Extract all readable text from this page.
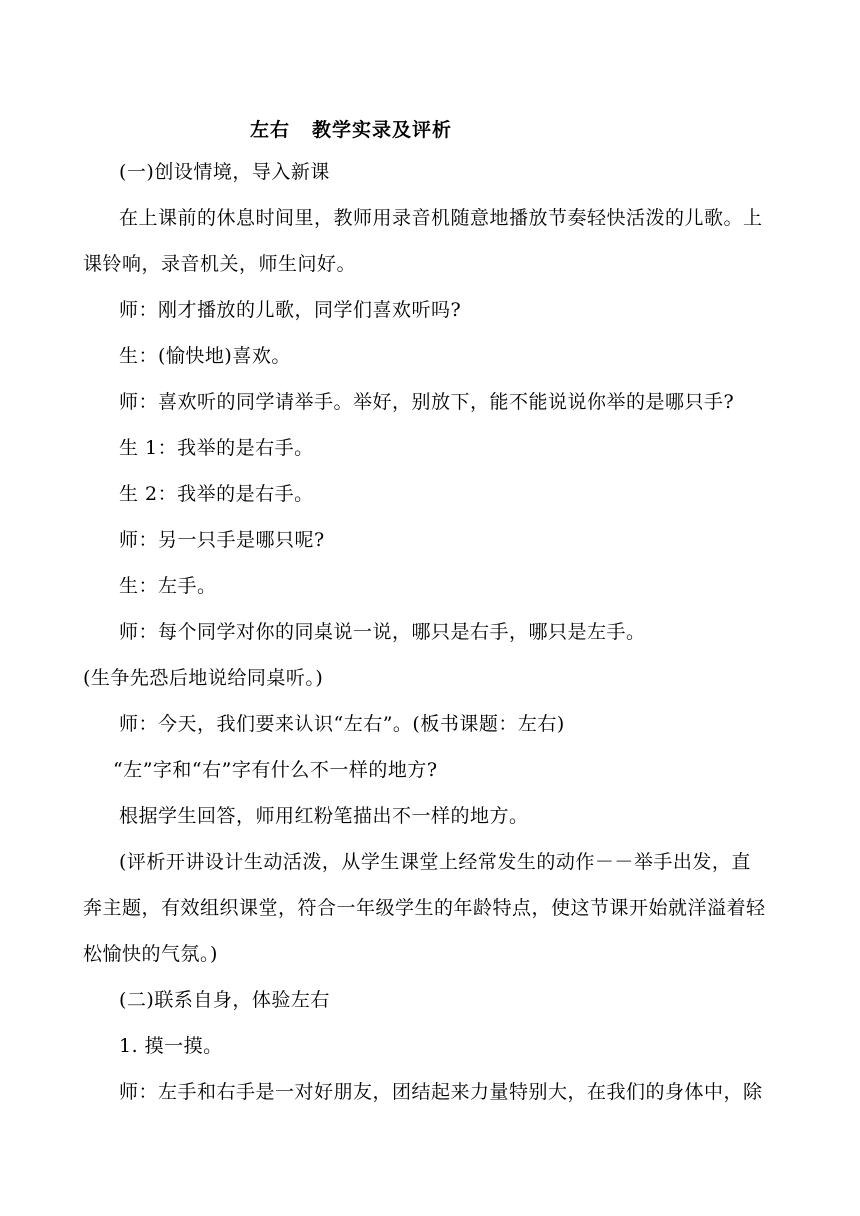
左右 教学实录及评析
(一)创设情境，导入新课
在上课前的休息时间里，教师用录音机随意地播放节奏轻快活泼的儿歌。上
课铃响，录音机关，师生问好。
师：刚才播放的儿歌，同学们喜欢听吗?
生：(愉快地)喜欢。
师：喜欢听的同学请举手。举好，别放下，能不能说说你举的是哪只手?
生 1：我举的是右手。
生 2：我举的是右手。
师：另一只手是哪只呢?
生：左手。
师：每个同学对你的同桌说一说，哪只是右手，哪只是左手。
(生争先恐后地说给同桌听。)
师：今天，我们要来认识“左右”。(板书课题：左右)
“左”字和“右”字有什么不一样的地方?
根据学生回答，师用红粉笔描出不一样的地方。
(评析开讲设计生动活泼，从学生课堂上经常发生的动作－－举手出发，直
奔主题，有效组织课堂，符合一年级学生的年龄特点，使这节课开始就洋溢着轻
松愉快的气氛。)
(二)联系自身，体验左右
1. 摸一摸。
师：左手和右手是一对好朋友，团结起来力量特别大，在我们的身体中，除
